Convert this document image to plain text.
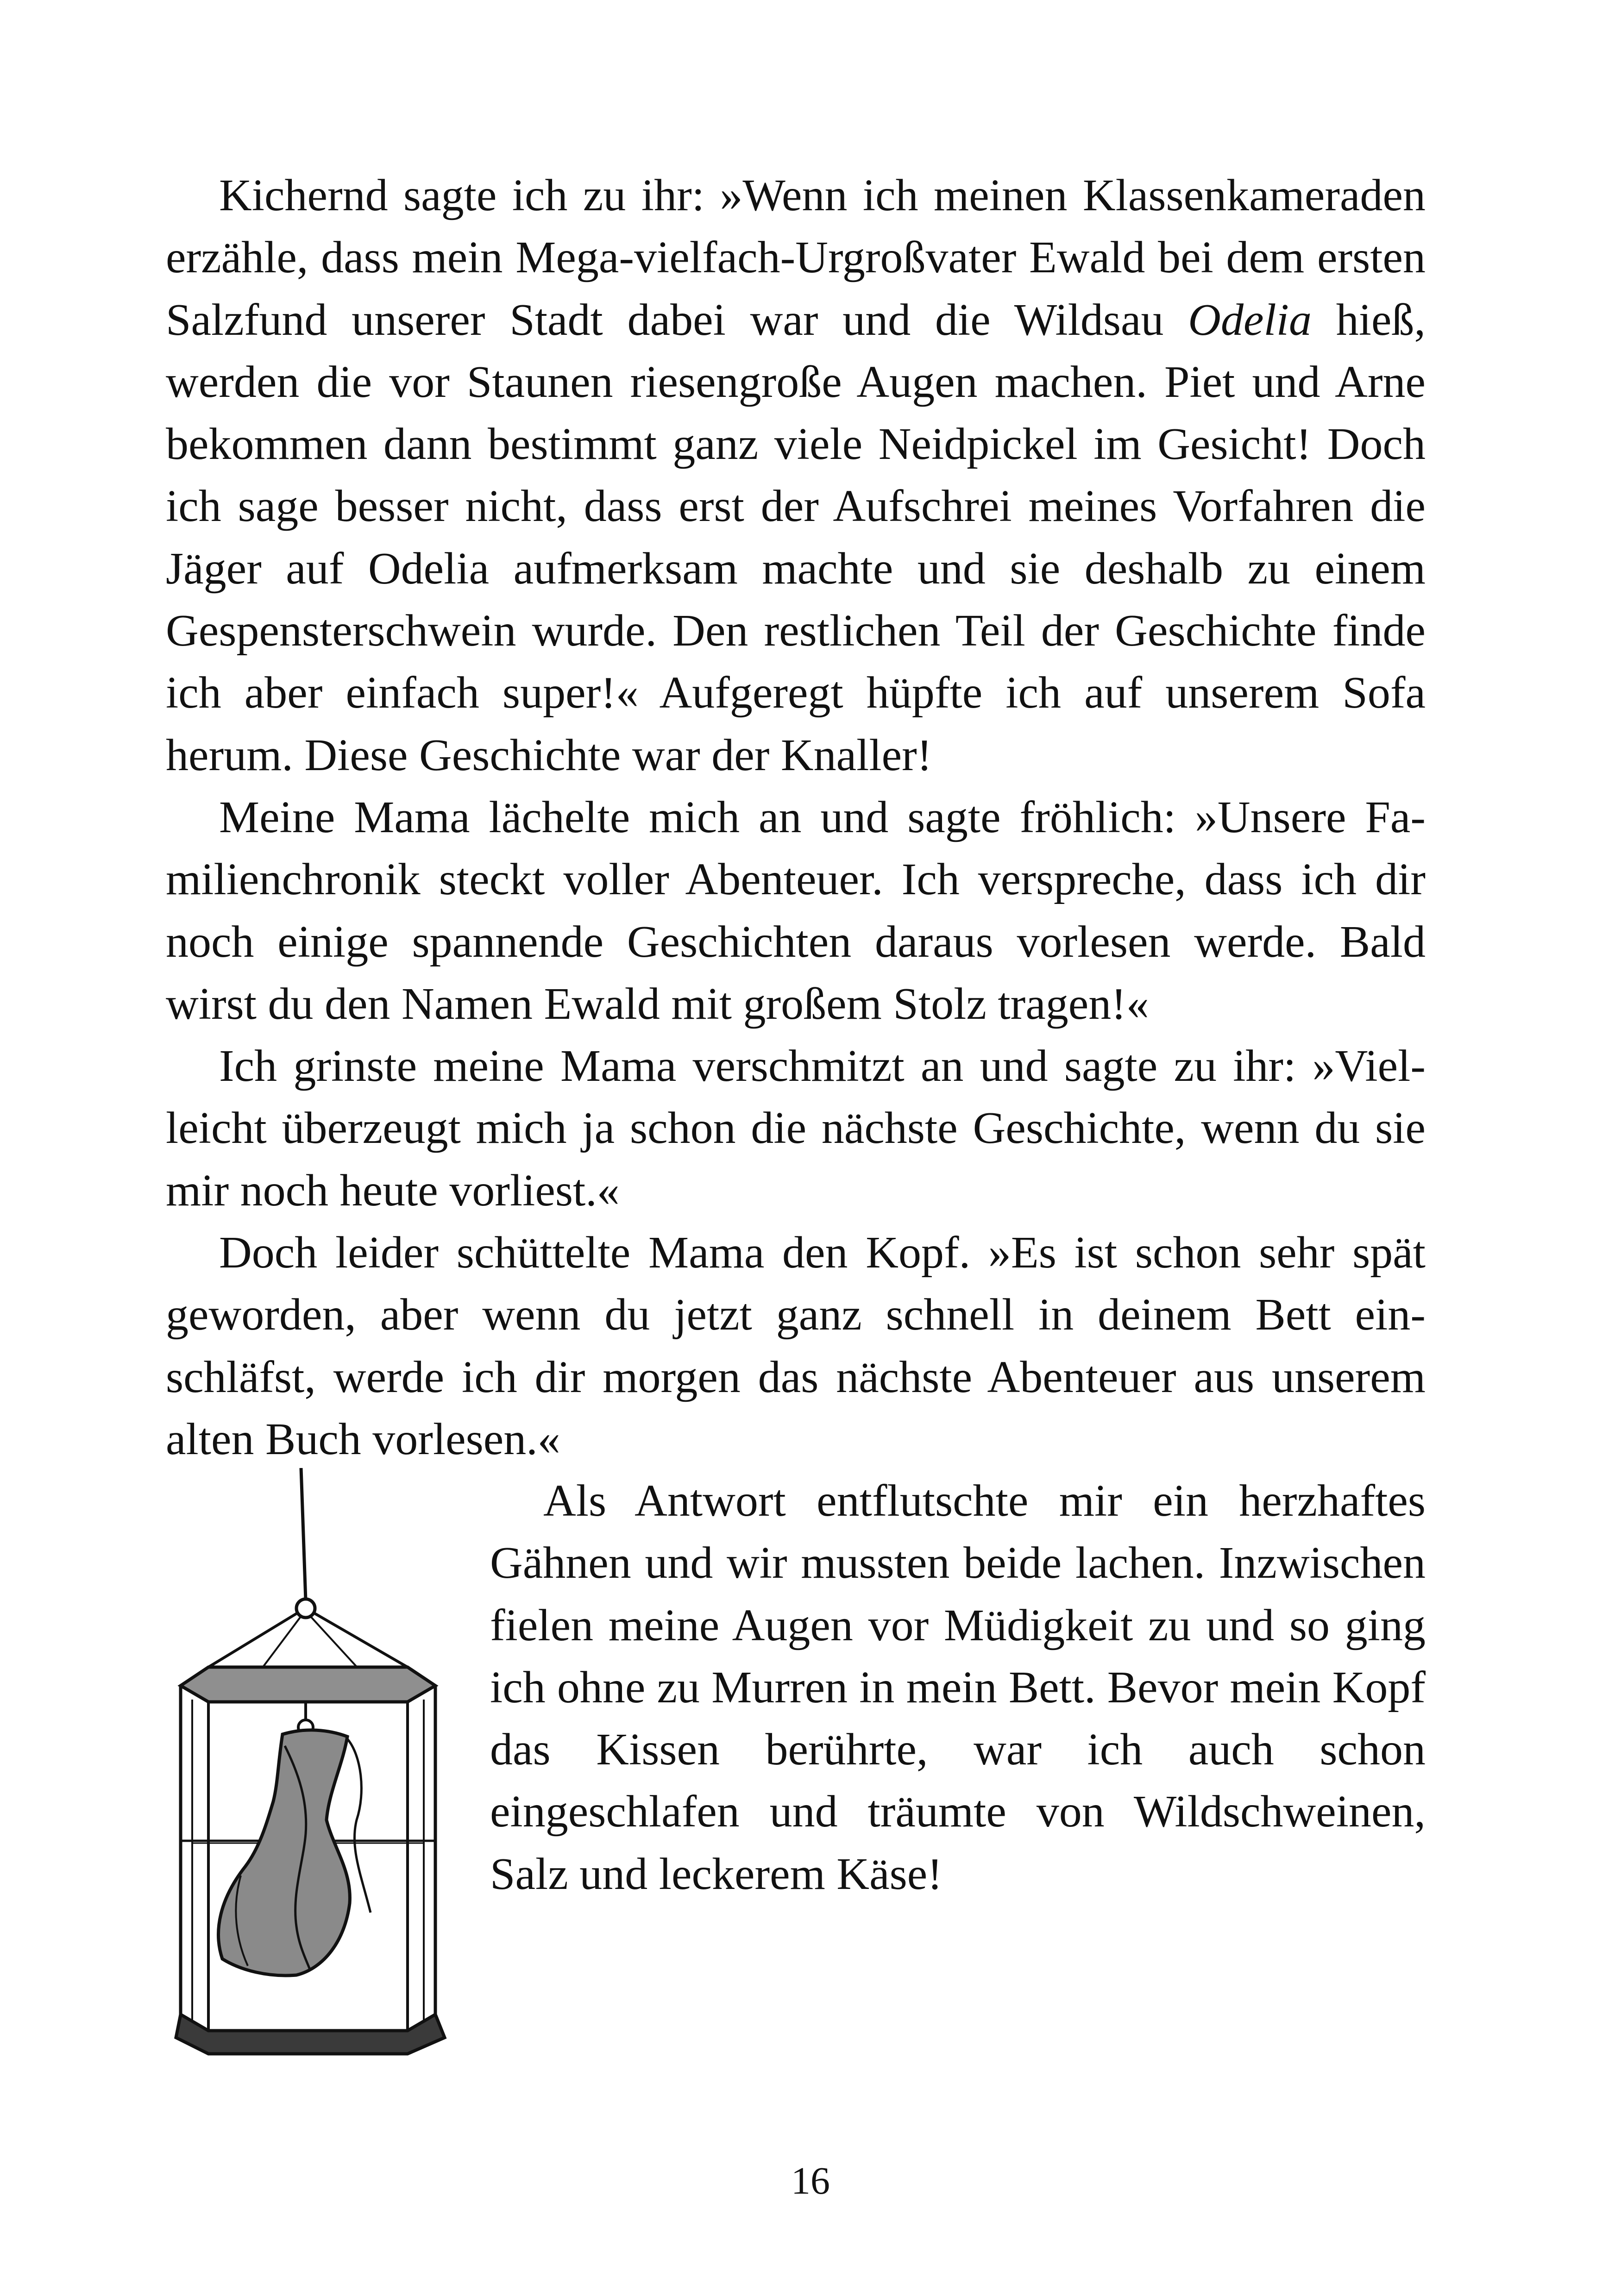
Kichernd sagte ich zu ihr: »Wenn ich meinen Klassenkameraden erzähle, dass mein Mega-vielfach-Urgroßvater Ewald bei dem ersten Salzfund unserer Stadt dabei war und die Wildsau Odelia hieß, werden die vor Staunen riesengroße Augen machen. Piet und Arne bekommen dann bestimmt ganz viele Neidpickel im Gesicht! Doch ich sage besser nicht, dass erst der Aufschrei meines Vorfahren die Jäger auf Odelia aufmerksam machte und sie deshalb zu einem Gespensterschwein wurde. Den restlichen Teil der Geschichte finde ich aber einfach super!« Aufgeregt hüpfte ich auf unserem Sofa herum. Diese Geschichte war der Knaller!

Meine Mama lächelte mich an und sagte fröhlich: »Unsere Familienchronik steckt voller Abenteuer. Ich verspreche, dass ich dir noch einige spannende Geschichten daraus vorlesen werde. Bald wirst du den Namen Ewald mit großem Stolz tragen!«

Ich grinste meine Mama verschmitzt an und sagte zu ihr: »Vielleicht überzeugt mich ja schon die nächste Geschichte, wenn du sie mir noch heute vorliest.«

Doch leider schüttelte Mama den Kopf. »Es ist schon sehr spät geworden, aber wenn du jetzt ganz schnell in deinem Bett einschläfst, werde ich dir morgen das nächste Abenteuer aus unserem alten Buch vorlesen.«

Als Antwort entflutschte mir ein herzhaftes Gähnen und wir mussten beide lachen. Inzwischen fielen meine Augen vor Müdigkeit zu und so ging ich ohne zu Murren in mein Bett. Bevor mein Kopf das Kissen berührte, war ich auch schon eingeschlafen und träumte von Wildschweinen, Salz und leckerem Käse!

16
